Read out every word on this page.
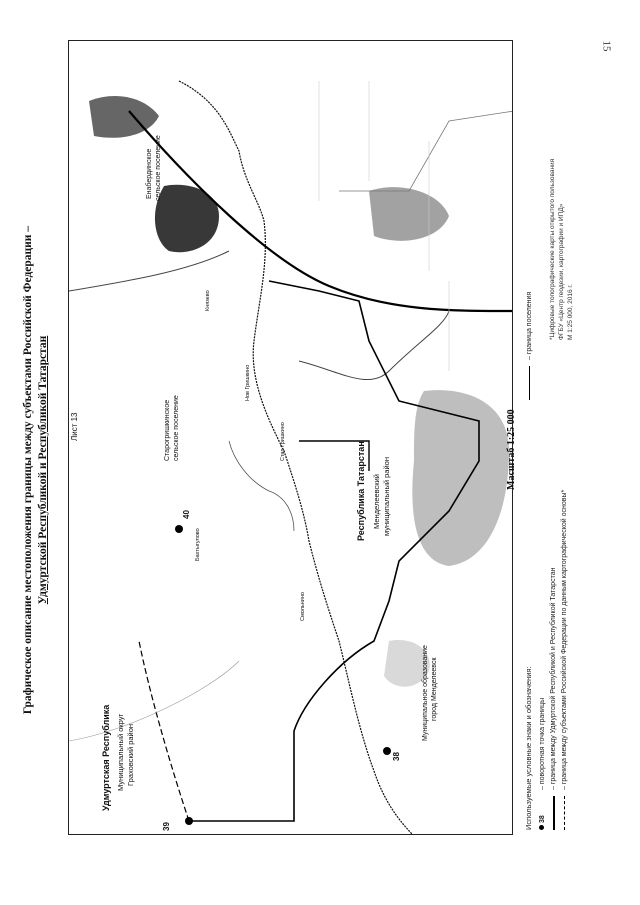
15
Графическое описание местоположения границы между субъектами Российской Федерации – Удмуртской Республикой и Республикой Татарстан	40
38
39
Удмуртская Республика Муниципальный округ Граховский район
Республика Татарстан Менделеевский муниципальный район
Енабердинское сельское поселение
Старогришкинское сельское поселение
Муниципальное образование город Менделеевск
Лист 13
Бахтыгулово
Стар Гришкино
Нов Гришкино
Князево
Смольнино
Используемые условные знаки и обозначения: 38
– поворотная точка границы – граница между Удмуртской Республикой и Республикой Татарстан – граница между субъектами Российской Федерации по данным картографической основы*
– граница поселения *Цифровые топографические карты открытого пользования ФГБУ «Центр геодезии, картографии и ИПД» М 1:25 000, 2016 г.
Масштаб 1:25 000
